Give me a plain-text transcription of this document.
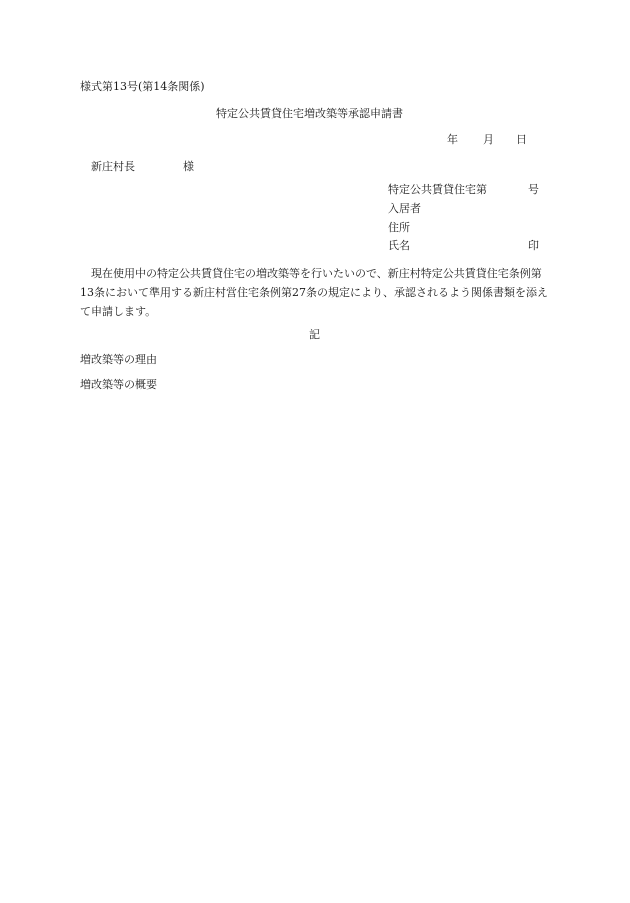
様式第13号(第14条関係)
特定公共賃貸住宅増改築等承認申請書
年 月 日
新庄村長	様
特定公共賃貸住宅第	号
入居者
住所
氏名	印
現在使用中の特定公共賃貸住宅の増改築等を行いたいので、新庄村特定公共賃貸住宅条例第13条において準用する新庄村営住宅条例第27条の規定により、承認されるよう関係書類を添えて申請します。
記
増改築等の理由
増改築等の概要
